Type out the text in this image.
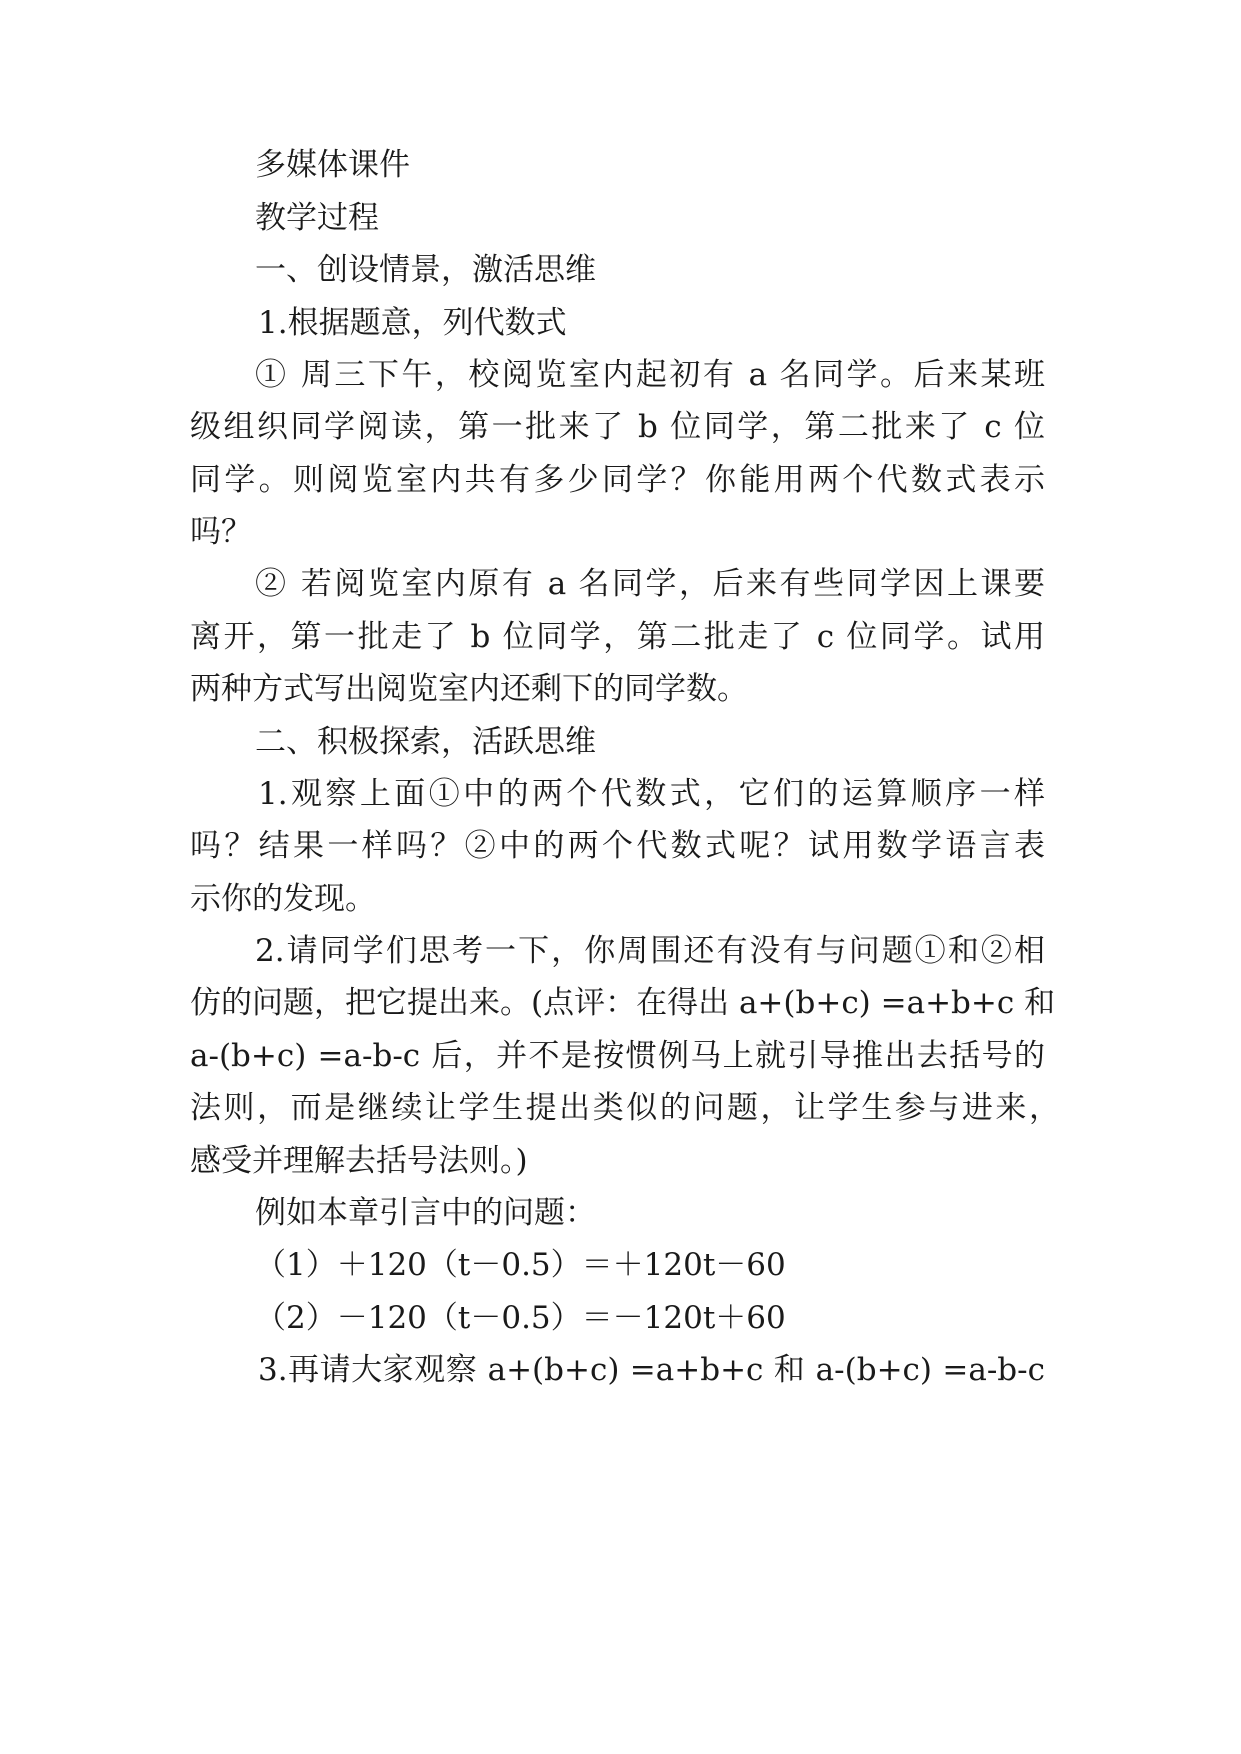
多媒体课件
教学过程
一、创设情景，激活思维
1.根据题意，列代数式
① 周三下午，校阅览室内起初有 a 名同学。后来某班
级组织同学阅读，第一批来了 b 位同学，第二批来了 c 位
同学。则阅览室内共有多少同学？你能用两个代数式表示
吗？
② 若阅览室内原有 a 名同学，后来有些同学因上课要
离开，第一批走了 b 位同学，第二批走了 c 位同学。试用
两种方式写出阅览室内还剩下的同学数。
二、积极探索，活跃思维
1.观察上面①中的两个代数式，它们的运算顺序一样
吗？结果一样吗？②中的两个代数式呢？试用数学语言表
示你的发现。
2.请同学们思考一下，你周围还有没有与问题①和②相
仿的问题，把它提出来。(点评：在得出 a+(b+c) =a+b+c 和
a-(b+c) =a-b-c 后，并不是按惯例马上就引导推出去括号的
法则，而是继续让学生提出类似的问题，让学生参与进来，
感受并理解去括号法则。)
例如本章引言中的问题：
（1）＋120（t－0.5）＝＋120t－60
（2）－120（t－0.5）＝－120t＋60
3.再请大家观察 a+(b+c) =a+b+c 和 a-(b+c) =a-b-c
